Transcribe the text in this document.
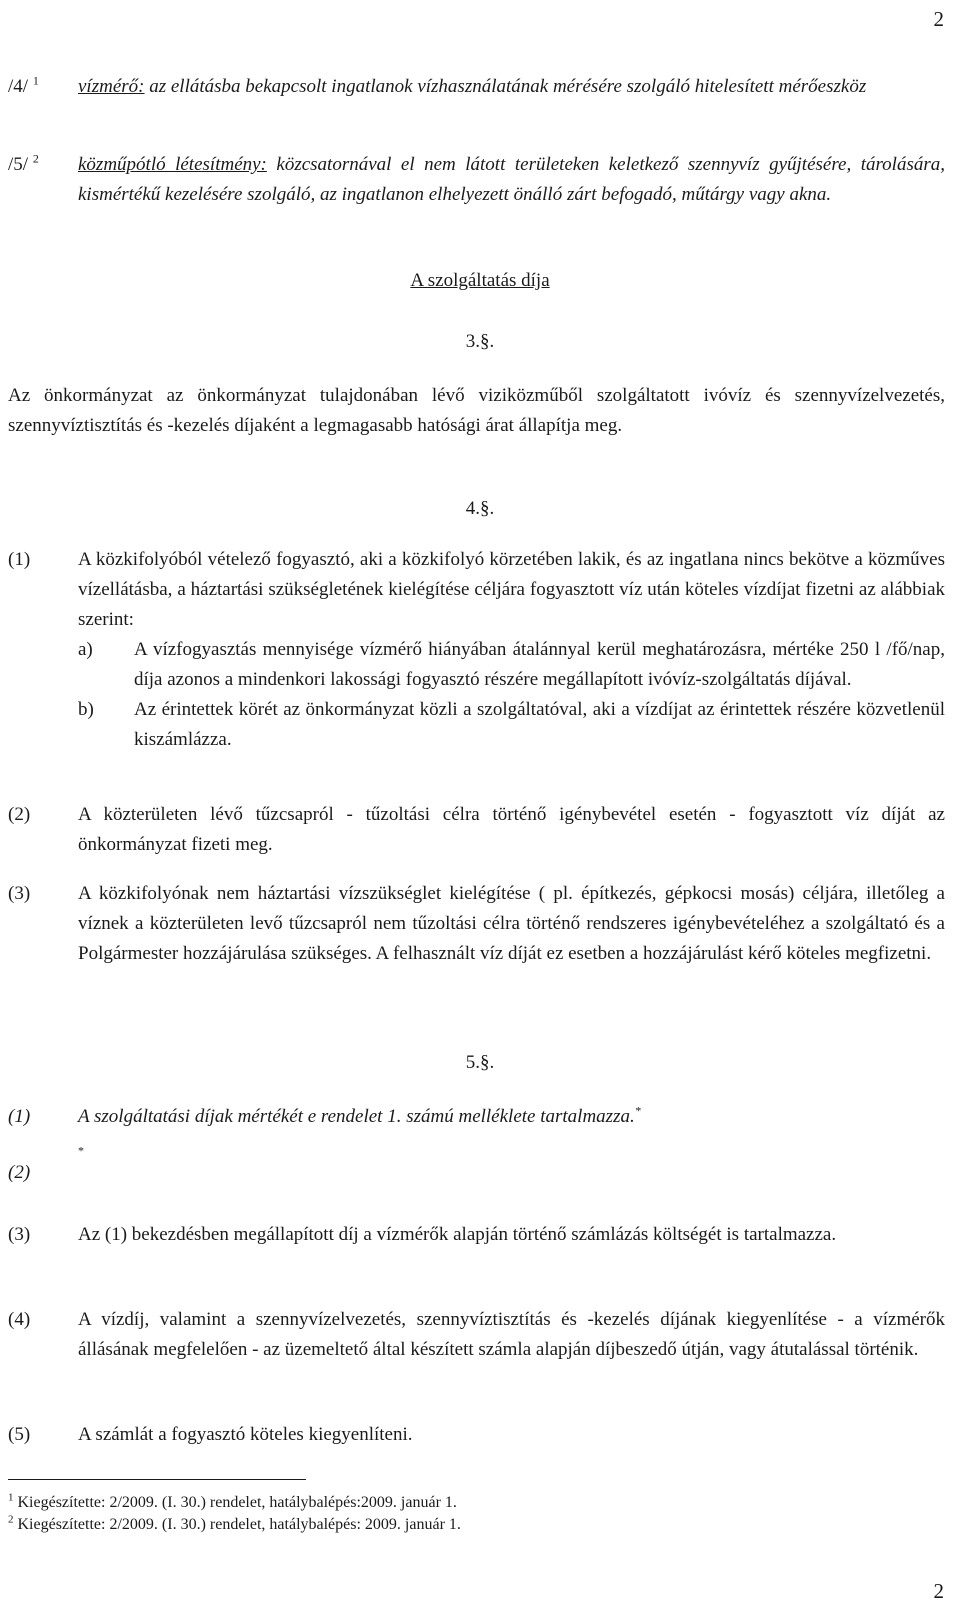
2
/4/ $^1$ vízmérő: az ellátásba bekapcsolt ingatlanok vízhasználatának mérésére szolgáló hitelesített mérőeszköz
/5/ $^2$ közműpótló létesítmény: közcsatornával el nem látott területeken keletkező szennyvíz gyűjtésére, tárolására, kismértékű kezelésére szolgáló, az ingatlanon elhelyezett önálló zárt befogadó, műtárgy vagy akna.
A szolgáltatás díja
3.§.
Az önkormányzat az önkormányzat tulajdonában lévő viziközműből szolgáltatott ivóvíz és szennyvízelvezetés, szennyvíztisztítás és -kezelés díjaként a legmagasabb hatósági árat állapítja meg.
4.§.
(1)	A közkifolyóból vételező fogyasztó, aki a közkifolyó körzetében lakik, és az ingatlana nincs bekötve a közműves vízellátásba, a háztartási szükségletének kielégítése céljára fogyasztott víz után köteles vízdíjat fizetni az alábbiak szerint:
a) A vízfogyasztás mennyisége vízmérő hiányában átalánnyal kerül meghatározásra, mértéke 250 l /fő/nap, díja azonos a mindenkori lakossági fogyasztó részére megállapított ivóvíz-szolgáltatás díjával.
b) Az érintettek körét az önkormányzat közli a szolgáltatóval, aki a vízdíjat az érintettek részére közvetlenül kiszámlázza.
(2)	A közterületen lévő tűzcsapról - tűzoltási célra történő igénybevétel esetén - fogyasztott víz díját az önkormányzat fizeti meg.
(3)	A közkifolyónak nem háztartási vízszükséglet kielégítése ( pl. építkezés, gépkocsi mosás) céljára, illetőleg a víznek a közterületen levő tűzcsapról nem tűzoltási célra történő rendszeres igénybevételéhez a szolgáltató és a Polgármester hozzájárulása szükséges. A felhasznált víz díját ez esetben a hozzájárulást kérő köteles megfizetni.
5.§.
(1)	A szolgáltatási díjak mértékét e rendelet 1. számú melléklete tartalmazza.*
(2)
*
(3)	Az (1) bekezdésben megállapított díj a vízmérők alapján történő számlázás költségét is tartalmazza.
(4)	A vízdíj, valamint a szennyvízelvezetés, szennyvíztisztítás és -kezelés díjának kiegyenlítése - a vízmérők állásának megfelelően - az üzemeltető által készített számla alapján díjbeszedő útján, vagy átutalással történik.
(5)	A számlát a fogyasztó köteles kiegyenlíteni.
$^1$ Kiegészítette: 2/2009. (I. 30.) rendelet, hatálybalépés:2009. január 1.
$^2$ Kiegészítette: 2/2009. (I. 30.) rendelet, hatálybalépés: 2009. január 1.
2
